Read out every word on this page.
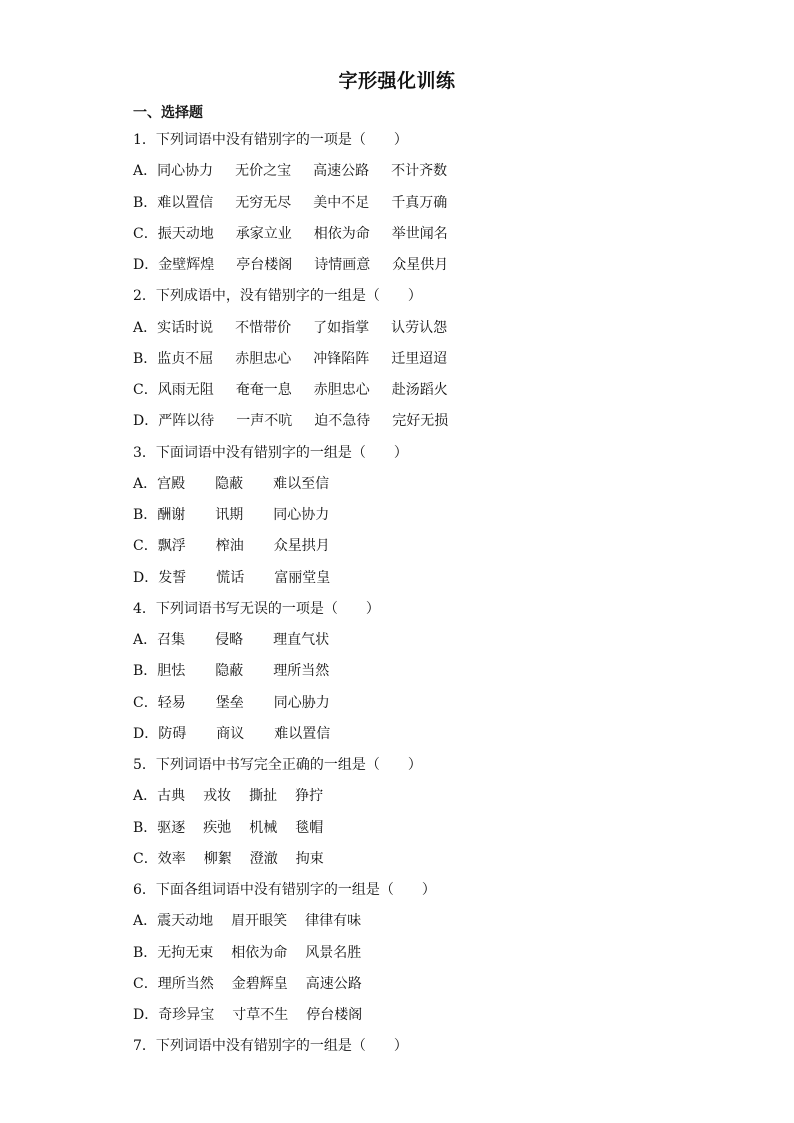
字形强化训练
一、选择题
1．下列词语中没有错别字的一项是（　　）
A．同心协力 无价之宝 高速公路 不计齐数
B．难以置信 无穷无尽 美中不足 千真万确
C．振天动地 承家立业 相依为命 举世闻名
D．金壁辉煌 亭台楼阁 诗情画意 众星供月
2．下列成语中，没有错别字的一组是（　　）
A．实话时说 不惜带价 了如指掌 认劳认怨
B．监贞不屈 赤胆忠心 冲锋陷阵 迁里迢迢
C．风雨无阻 奄奄一息 赤胆忠心 赴汤蹈火
D．严阵以待 一声不吭 迫不急待 完好无损
3．下面词语中没有错别字的一组是（　　）
A．宫殿 隐蔽 难以至信
B．酬谢 讯期 同心协力
C．飘浮 榨油 众星拱月
D．发誓 慌话 富丽堂皇
4．下列词语书写无误的一项是（　　）
A．召集 侵略 理直气状
B．胆怯 隐蔽 理所当然
C．轻易 堡垒 同心胁力
D．防碍 商议 难以置信
5．下列词语中书写完全正确的一组是（　　）
A．古典 戎妆 撕扯 狰拧
B．驱逐 疾弛 机械 毯帽
C．效率 柳絮 澄澈 拘束
6．下面各组词语中没有错别字的一组是（　　）
A．震天动地 眉开眼笑 律律有味
B．无拘无束 相依为命 风景名胜
C．理所当然 金碧辉皇 高速公路
D．奇珍异宝 寸草不生 停台楼阁
7．下列词语中没有错别字的一组是（　　）
